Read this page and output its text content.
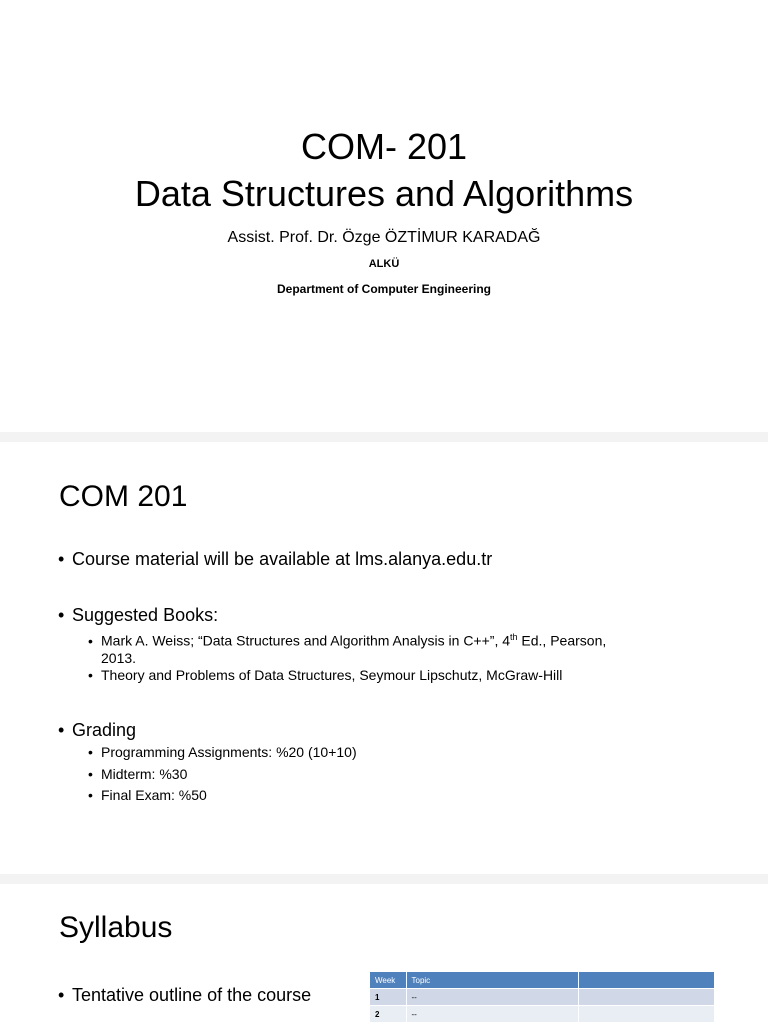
COM- 201
Data Structures and Algorithms
Assist. Prof. Dr. Özge ÖZTİMUR KARADAĞ
ALKÜ
Department of Computer Engineering
COM 201
• Course material will be available at lms.alanya.edu.tr
• Suggested Books:
• Mark A. Weiss; “Data Structures and Algorithm Analysis in C++”, 4th Ed., Pearson,
2013.
• Theory and Problems of Data Structures, Seymour Lipschutz, McGraw-Hill
• Grading
• Programming Assignments: %20 (10+10)
• Midterm: %30
• Final Exam: %50
Syllabus
• Tentative outline of the course
Week	Topic	
1	--	
2	--	
